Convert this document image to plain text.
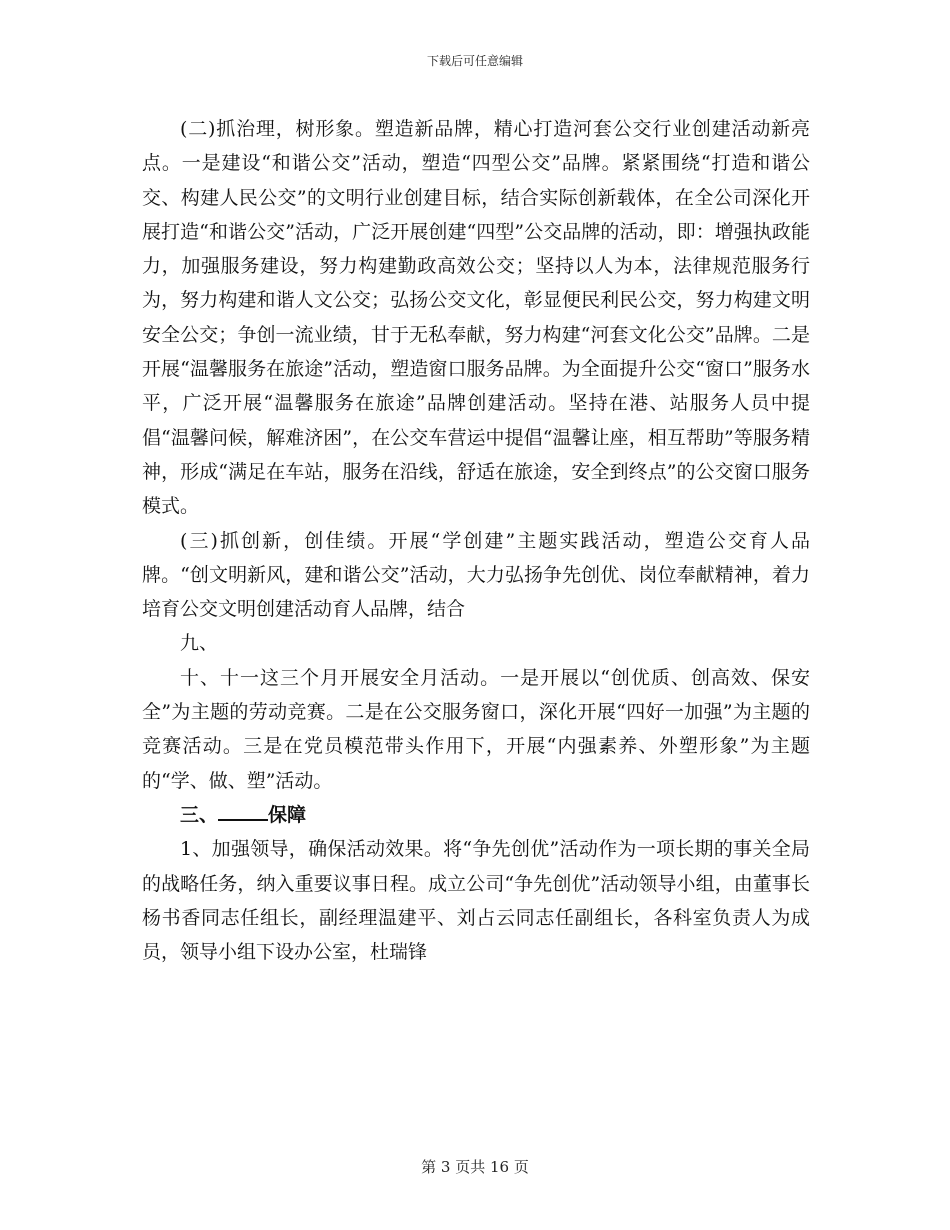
下载后可任意编辑

(二)抓治理，树形象。塑造新品牌，精心打造河套公交行业创建活动新亮点。一是建设“和谐公交”活动，塑造“四型公交”品牌。紧紧围绕“打造和谐公交、构建人民公交”的文明行业创建目标，结合实际创新载体，在全公司深化开展打造“和谐公交”活动，广泛开展创建“四型”公交品牌的活动，即：增强执政能力，加强服务建设，努力构建勤政高效公交；坚持以人为本，法律规范服务行为，努力构建和谐人文公交；弘扬公交文化，彰显便民利民公交，努力构建文明安全公交；争创一流业绩，甘于无私奉献，努力构建“河套文化公交”品牌。二是开展“温馨服务在旅途”活动，塑造窗口服务品牌。为全面提升公交“窗口”服务水平，广泛开展“温馨服务在旅途”品牌创建活动。坚持在港、站服务人员中提倡“温馨问候，解难济困”，在公交车营运中提倡“温馨让座，相互帮助”等服务精神，形成“满足在车站，服务在沿线，舒适在旅途，安全到终点”的公交窗口服务模式。

(三)抓创新，创佳绩。开展“学创建”主题实践活动，塑造公交育人品牌。“创文明新风，建和谐公交”活动，大力弘扬争先创优、岗位奉献精神，着力培育公交文明创建活动育人品牌，结合

九、

十、十一这三个月开展安全月活动。一是开展以“创优质、创高效、保安全”为主题的劳动竞赛。二是在公交服务窗口，深化开展“四好一加强”为主题的竞赛活动。三是在党员模范带头作用下，开展“内强素养、外塑形象”为主题的“学、做、塑”活动。

三、	保障

1、加强领导，确保活动效果。将“争先创优”活动作为一项长期的事关全局的战略任务，纳入重要议事日程。成立公司“争先创优”活动领导小组，由董事长杨书香同志任组长，副经理温建平、刘占云同志任副组长，各科室负责人为成员，领导小组下设办公室，杜瑞锋

第 3 页共 16 页
